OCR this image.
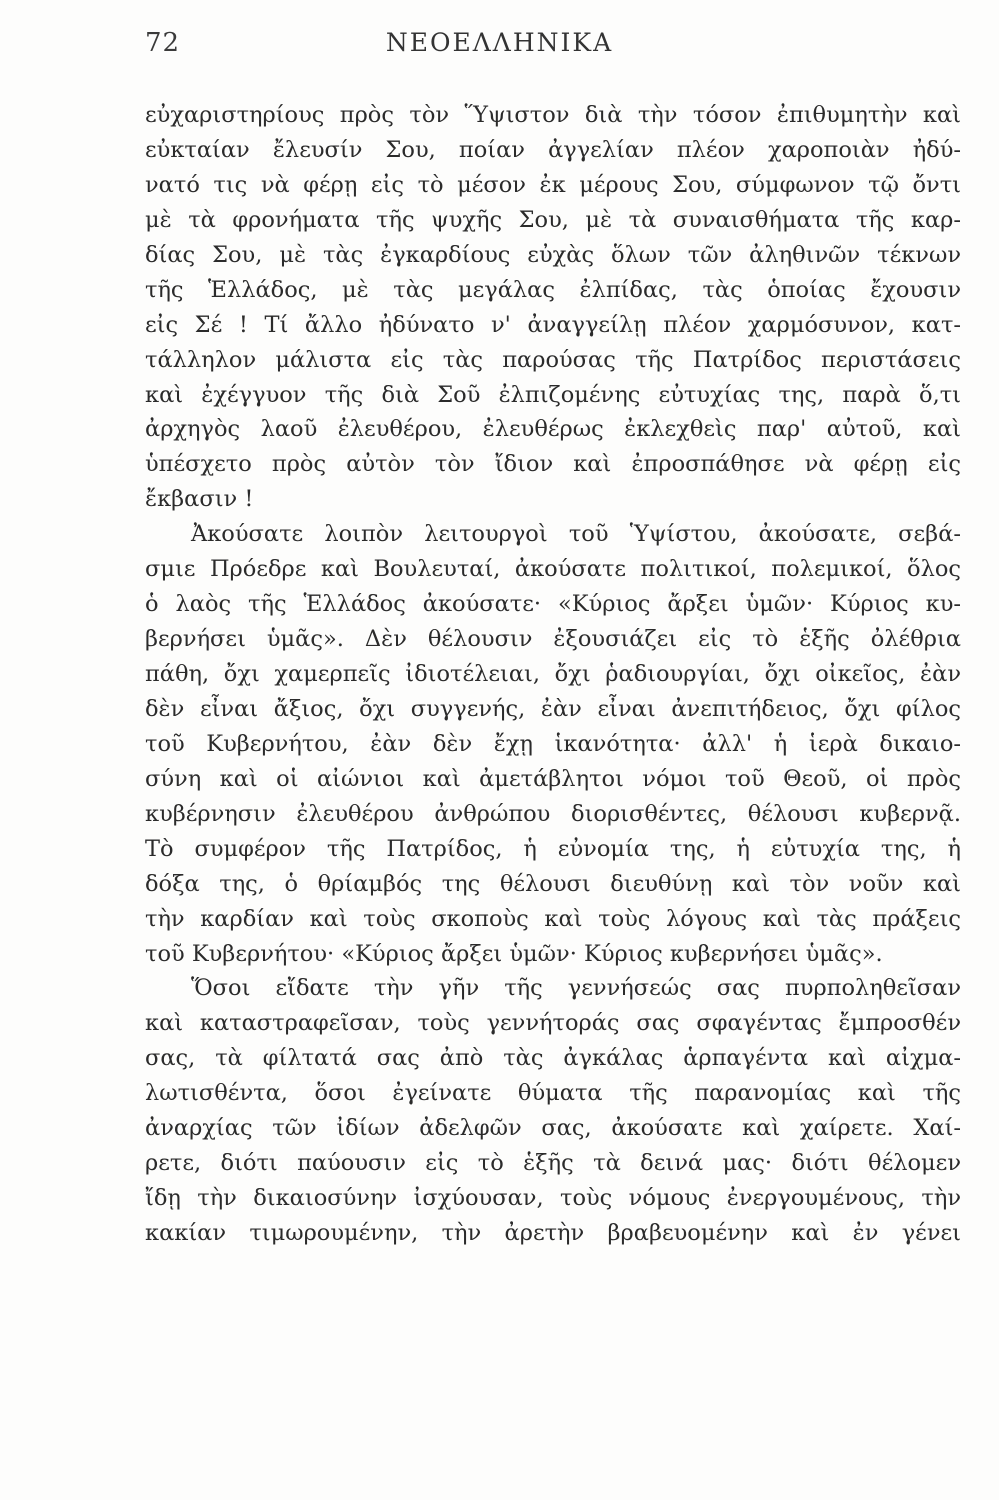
72	ΝΕΟΕΛΛΗΝΙΚΑ
εὐχαριστηρίους πρὸς τὸν Ὕψιστον διὰ τὴν τόσον ἐπιθυμητὴν καὶ
εὐκταίαν ἔλευσίν Σου, ποίαν ἀγγελίαν πλέον χαροποιὰν ἠδύ-
νατό τις νὰ φέρῃ εἰς τὸ μέσον ἐκ μέρους Σου, σύμφωνον τῷ ὄντι
μὲ τὰ φρονήματα τῆς ψυχῆς Σου, μὲ τὰ συναισθήματα τῆς καρ-
δίας Σου, μὲ τὰς ἐγκαρδίους εὐχὰς ὅλων τῶν ἀληθινῶν τέκνων
τῆς Ἑλλάδος, μὲ τὰς μεγάλας ἐλπίδας, τὰς ὁποίας ἔχουσιν
εἰς Σέ ! Τί ἄλλο ἠδύνατο ν' ἀναγγείλῃ πλέον χαρμόσυνον, κατ-
τάλληλον μάλιστα εἰς τὰς παρούσας τῆς Πατρίδος περιστάσεις
καὶ ἐχέγγυον τῆς διὰ Σοῦ ἐλπιζομένης εὐτυχίας της, παρὰ ὅ,τι
ἀρχηγὸς λαοῦ ἐλευθέρου, ἐλευθέρως ἐκλεχθεὶς παρ' αὐτοῦ, καὶ
ὑπέσχετο πρὸς αὐτὸν τὸν ἴδιον καὶ ἐπροσπάθησε νὰ φέρῃ εἰς
ἔκβασιν !
Ἀκούσατε λοιπὸν λειτουργοὶ τοῦ Ὑψίστου, ἀκούσατε, σεβά-
σμιε Πρόεδρε καὶ Βουλευταί, ἀκούσατε πολιτικοί, πολεμικοί, ὅλος
ὁ λαὸς τῆς Ἑλλάδος ἀκούσατε· «Κύριος ἄρξει ὑμῶν· Κύριος κυ-
βερνήσει ὑμᾶς». Δὲν θέλουσιν ἐξουσιάζει εἰς τὸ ἑξῆς ὀλέθρια
πάθη, ὄχι χαμερπεῖς ἰδιοτέλειαι, ὄχι ῥαδιουργίαι, ὄχι οἰκεῖος, ἐὰν
δὲν εἶναι ἄξιος, ὄχι συγγενής, ἐὰν εἶναι ἀνεπιτήδειος, ὄχι φίλος
τοῦ Κυβερνήτου, ἐὰν δὲν ἔχῃ ἱκανότητα· ἀλλ' ἡ ἱερὰ δικαιο-
σύνη καὶ οἱ αἰώνιοι καὶ ἀμετάβλητοι νόμοι τοῦ Θεοῦ, οἱ πρὸς
κυβέρνησιν ἐλευθέρου ἀνθρώπου διορισθέντες, θέλουσι κυβερνᾷ.
Τὸ συμφέρον τῆς Πατρίδος, ἡ εὐνομία της, ἡ εὐτυχία της, ἡ
δόξα της, ὁ θρίαμβός της θέλουσι διευθύνῃ καὶ τὸν νοῦν καὶ
τὴν καρδίαν καὶ τοὺς σκοποὺς καὶ τοὺς λόγους καὶ τὰς πράξεις
τοῦ Κυβερνήτου· «Κύριος ἄρξει ὑμῶν· Κύριος κυβερνήσει ὑμᾶς».
Ὅσοι εἴδατε τὴν γῆν τῆς γεννήσεώς σας πυρποληθεῖσαν
καὶ καταστραφεῖσαν, τοὺς γεννήτοράς σας σφαγέντας ἔμπροσθέν
σας, τὰ φίλτατά σας ἀπὸ τὰς ἀγκάλας ἁρπαγέντα καὶ αἰχμα-
λωτισθέντα, ὅσοι ἐγείνατε θύματα τῆς παρανομίας καὶ τῆς
ἀναρχίας τῶν ἰδίων ἀδελφῶν σας, ἀκούσατε καὶ χαίρετε. Χαί-
ρετε, διότι παύουσιν εἰς τὸ ἑξῆς τὰ δεινά μας· διότι θέλομεν
ἴδῃ τὴν δικαιοσύνην ἰσχύουσαν, τοὺς νόμους ἐνεργουμένους, τὴν
κακίαν τιμωρουμένην, τὴν ἀρετὴν βραβευομένην καὶ ἐν γένει
